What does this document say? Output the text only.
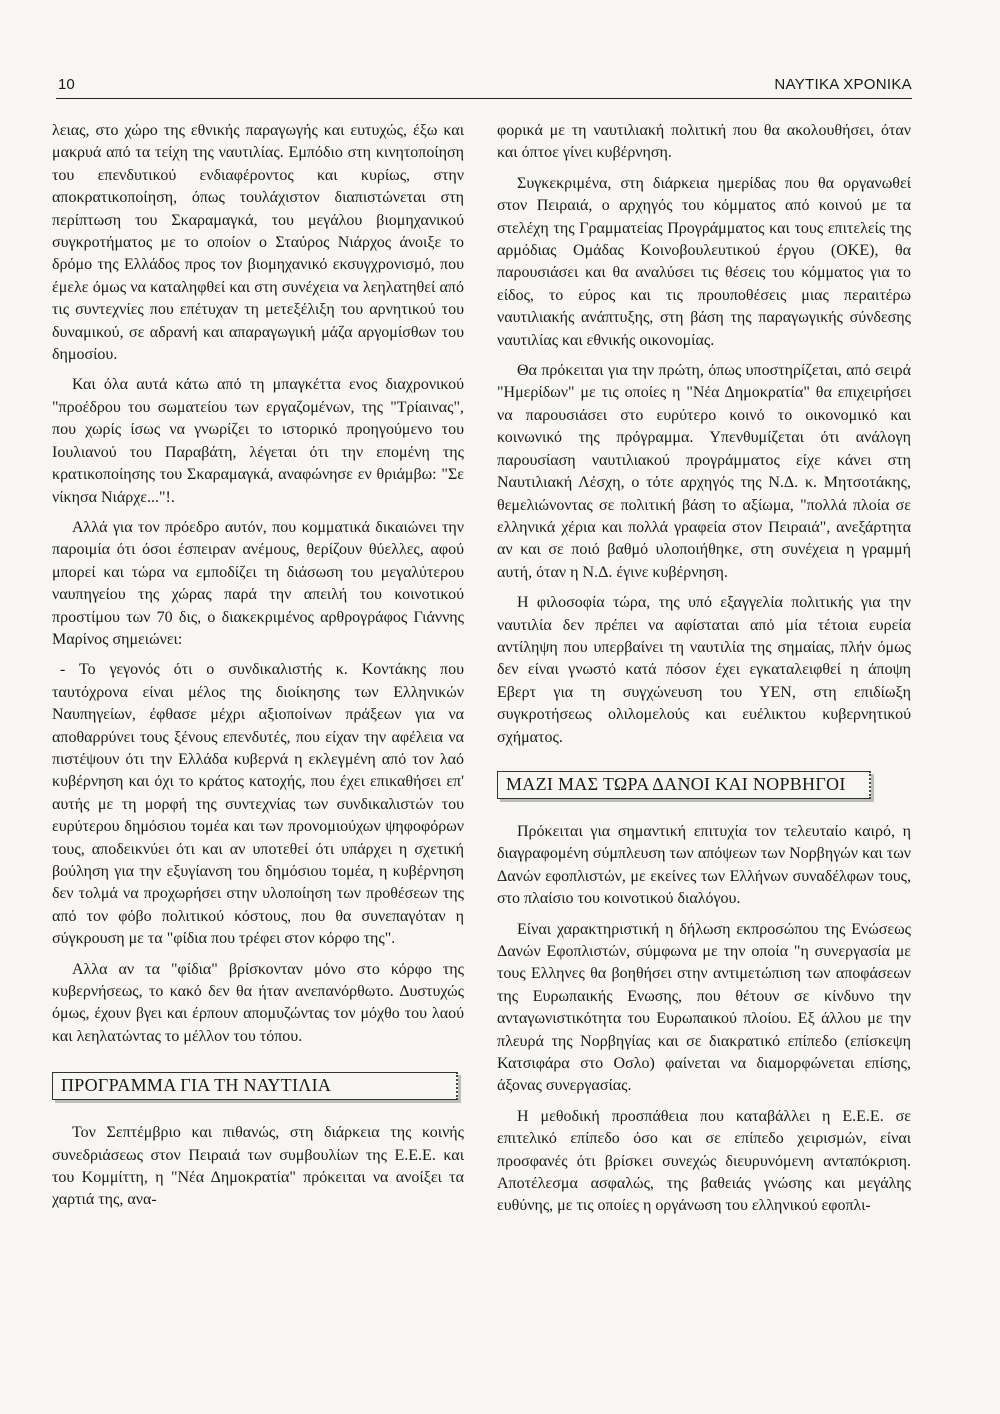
10	ΝΑΥΤΙΚΑ ΧΡΟΝΙΚΑ

λειας, στο χώρο της εθνικής παραγωγής και ευτυχώς, έξω και μακρυά από τα τείχη της ναυτιλίας. Εμπόδιο στη κινητοποίηση του επενδυτικού ενδιαφέροντος και κυρίως, στην αποκρατικοποίηση, όπως τουλάχιστον διαπιστώνεται στη περίπτωση του Σκαραμαγκά, του μεγάλου βιομηχανικού συγκροτήματος με το οποίον ο Σταύρος Νιάρχος άνοιξε το δρόμο της Ελλάδος προς τον βιομηχανικό εκσυγχρονισμό, που έμελε όμως να καταληφθεί και στη συνέχεια να λεηλατηθεί από τις συντεχνίες που επέτυχαν τη μετεξέλιξη του αρνητικού του δυναμικού, σε αδρανή και απαραγωγική μάζα αργομίσθων του δημοσίου.

Και όλα αυτά κάτω από τη μπαγκέττα ενος διαχρονικού "προέδρου του σωματείου των εργαζομένων, της "Τρίαινας", που χωρίς ίσως να γνωρίζει το ιστορικό προηγούμενο του Ιουλιανού του Παραβάτη, λέγεται ότι την επομένη της κρατικοποίησης του Σκαραμαγκά, αναφώνησε εν θριάμβω: "Σε νίκησα Νιάρχε..."!.

Αλλά για τον πρόεδρο αυτόν, που κομματικά δικαιώνει την παροιμία ότι όσοι έσπειραν ανέμους, θερίζουν θύελλες, αφού μπορεί και τώρα να εμποδίζει τη διάσωση του μεγαλύτερου ναυπηγείου της χώρας παρά την απειλή του κοινοτικού προστίμου των 70 δις, ο διακεκριμένος αρθρογράφος Γιάννης Μαρίνος σημειώνει:

- Το γεγονός ότι ο συνδικαλιστής κ. Κοντάκης που ταυτόχρονα είναι μέλος της διοίκησης των Ελληνικών Ναυπηγείων, έφθασε μέχρι αξιοποίνων πράξεων για να αποθαρρύνει τους ξένους επενδυτές, που είχαν την αφέλεια να πιστέψουν ότι την Ελλάδα κυβερνά η εκλεγμένη από τον λαό κυβέρνηση και όχι το κράτος κατοχής, που έχει επικαθήσει επ' αυτής με τη μορφή της συντεχνίας των συνδικαλιστών του ευρύτερου δημόσιου τομέα και των προνομιούχων ψηφοφόρων τους, αποδεικνύει ότι και αν υποτεθεί ότι υπάρχει η σχετική βούληση για την εξυγίανση του δημόσιου τομέα, η κυβέρνηση δεν τολμά να προχωρήσει στην υλοποίηση των προθέσεων της από τον φόβο πολιτικού κόστους, που θα συνεπαγόταν η σύγκρουση με τα "φίδια που τρέφει στον κόρφο της".

Αλλα αν τα "φίδια" βρίσκονταν μόνο στο κόρφο της κυβερνήσεως, το κακό δεν θα ήταν ανεπανόρθωτο. Δυστυχώς όμως, έχουν βγει και έρπουν απομυζώντας τον μόχθο του λαού και λεηλατώντας το μέλλον του τόπου.

ΠΡΟΓΡΑΜΜΑ ΓΙΑ ΤΗ ΝΑΥΤΙΛΙΑ

Τον Σεπτέμβριο και πιθανώς, στη διάρκεια της κοινής συνεδριάσεως στον Πειραιά των συμβουλίων της Ε.Ε.Ε. και του Κομμίττη, η "Νέα Δημοκρατία" πρόκειται να ανοίξει τα χαρτιά της, ανα-

φορικά με τη ναυτιλιακή πολιτική που θα ακολουθήσει, όταν και όπτοε γίνει κυβέρνηση.

Συγκεκριμένα, στη διάρκεια ημερίδας που θα οργανωθεί στον Πειραιά, ο αρχηγός του κόμματος από κοινού με τα στελέχη της Γραμματείας Προγράμματος και τους επιτελείς της αρμόδιας Ομάδας Κοινοβουλευτικού έργου (ΟΚΕ), θα παρουσιάσει και θα αναλύσει τις θέσεις του κόμματος για το είδος, το εύρος και τις προυποθέσεις μιας περαιτέρω ναυτιλιακής ανάπτυξης, στη βάση της παραγωγικής σύνδεσης ναυτιλίας και εθνικής οικονομίας.

Θα πρόκειται για την πρώτη, όπως υποστηρίζεται, από σειρά "Ημερίδων" με τις οποίες η "Νέα Δημοκρατία" θα επιχειρήσει να παρουσιάσει στο ευρύτερο κοινό το οικονομικό και κοινωνικό της πρόγραμμα. Υπενθυμίζεται ότι ανάλογη παρουσίαση ναυτιλιακού προγράμματος είχε κάνει στη Ναυτιλιακή Λέσχη, ο τότε αρχηγός της Ν.Δ. κ. Μητσοτάκης, θεμελιώνοντας σε πολιτική βάση το αξίωμα, "πολλά πλοία σε ελληνικά χέρια και πολλά γραφεία στον Πειραιά", ανεξάρτητα αν και σε ποιό βαθμό υλοποιήθηκε, στη συνέχεια η γραμμή αυτή, όταν η Ν.Δ. έγινε κυβέρνηση.

Η φιλοσοφία τώρα, της υπό εξαγγελία πολιτικής για την ναυτιλία δεν πρέπει να αφίσταται από μία τέτοια ευρεία αντίληψη που υπερβαίνει τη ναυτιλία της σημαίας, πλήν όμως δεν είναι γνωστό κατά πόσον έχει εγκαταλειφθεί η άποψη Εβερτ για τη συγχώνευση του ΥΕΝ, στη επιδίωξη συγκροτήσεως ολιλομελούς και ευέλικτου κυβερνητικού σχήματος.

ΜΑΖΙ ΜΑΣ ΤΩΡΑ ΔΑΝΟΙ ΚΑΙ ΝΟΡΒΗΓΟΙ

Πρόκειται για σημαντική επιτυχία τον τελευταίο καιρό, η διαγραφομένη σύμπλευση των απόψεων των Νορβηγών και των Δανών εφοπλιστών, με εκείνες των Ελλήνων συναδέλφων τους, στο πλαίσιο του κοινοτικού διαλόγου.

Είναι χαρακτηριστική η δήλωση εκπροσώπου της Ενώσεως Δανών Εφοπλιστών, σύμφωνα με την οποία "η συνεργασία με τους Ελληνες θα βοηθήσει στην αντιμετώπιση των αποφάσεων της Ευρωπαικής Ενωσης, που θέτουν σε κίνδυνο την ανταγωνιστικότητα του Ευρωπαικού πλοίου. Εξ άλλου με την πλευρά της Νορβηγίας και σε διακρατικό επίπεδο (επίσκεψη Κατσιφάρα στο Οσλο) φαίνεται να διαμορφώνεται επίσης, άξονας συνεργασίας.

Η μεθοδική προσπάθεια που καταβάλλει η Ε.Ε.Ε. σε επιτελικό επίπεδο όσο και σε επίπεδο χειρισμών, είναι προσφανές ότι βρίσκει συνεχώς διευρυνόμενη ανταπόκριση. Αποτέλεσμα ασφαλώς, της βαθειάς γνώσης και μεγάλης ευθύνης, με τις οποίες η οργάνωση του ελληνικού εφοπλι-
